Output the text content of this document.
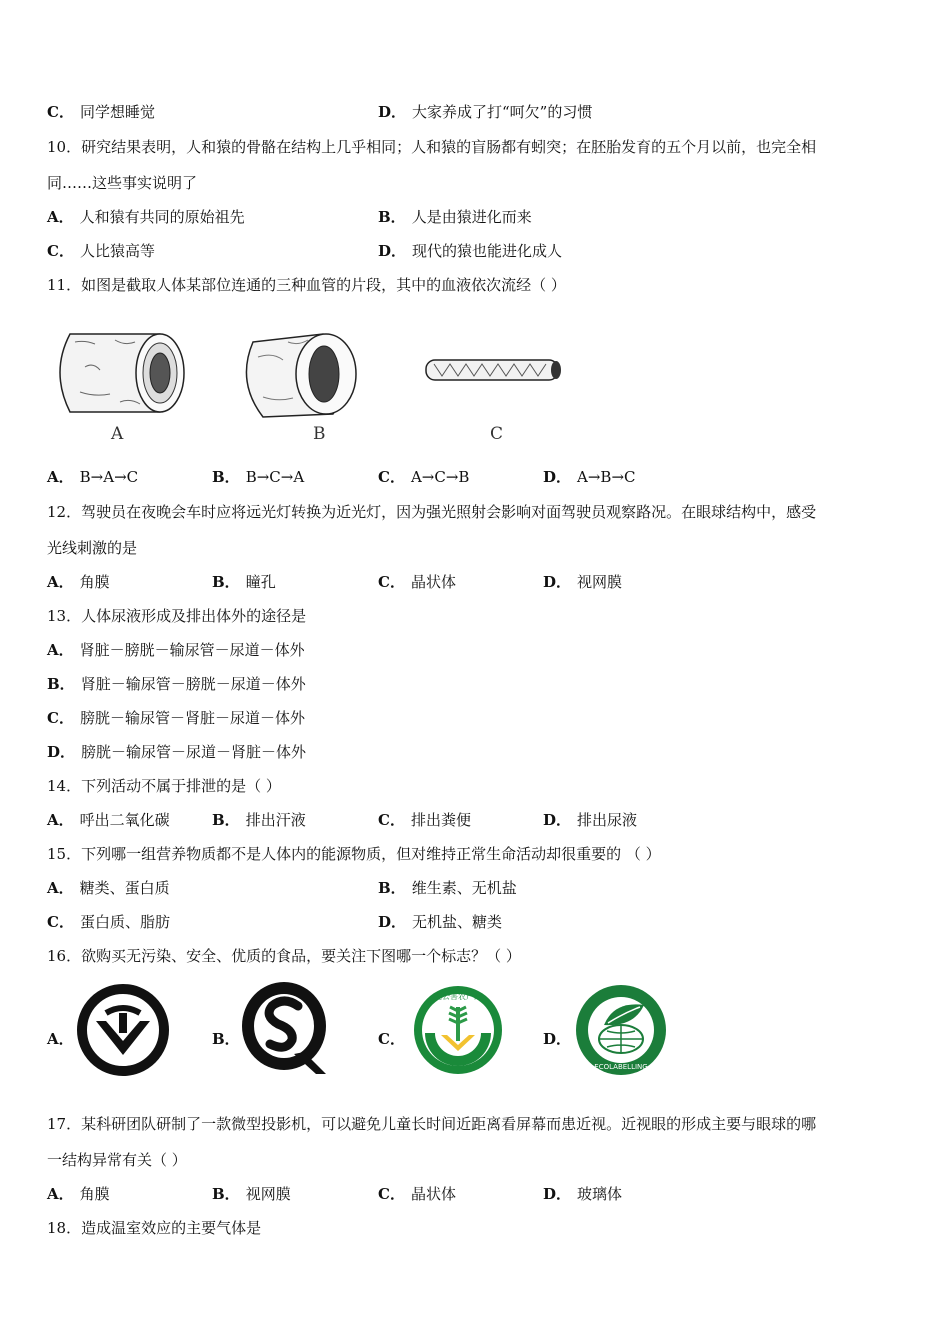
C． 同学想睡觉	D． 大家养成了打“呵欠”的习惯
10．研究结果表明，人和猿的骨骼在结构上几乎相同；人和猿的盲肠都有蚓突；在胚胎发育的五个月以前，也完全相
同……这些事实说明了
A． 人和猿有共同的原始祖先	B． 人是由猿进化而来
C． 人比猿高等	D． 现代的猿也能进化成人
11．如图是截取人体某部位连通的三种血管的片段，其中的血液依次流经（ ）
A	B	C
A． B→A→C	B． B→C→A	C． A→C→B	D． A→B→C
12．驾驶员在夜晚会车时应将远光灯转换为近光灯，因为强光照射会影响对面驾驶员观察路况。在眼球结构中，感受
光线刺激的是
A． 角膜	B． 瞳孔	C． 晶状体	D． 视网膜
13．人体尿液形成及排出体外的途径是
A． 肾脏－膀胱－输尿管－尿道－体外
B． 肾脏－输尿管－膀胱－尿道－体外
C． 膀胱－输尿管－肾脏－尿道－体外
D． 膀胱－输尿管－尿道－肾脏－体外
14．下列活动不属于排泄的是（ ）
A． 呼出二氧化碳	B． 排出汗液	C． 排出粪便	D． 排出尿液
15．下列哪一组营养物质都不是人体内的能源物质，但对维持正常生命活动却很重要的 （ ）
A． 糖类、蛋白质	B． 维生素、无机盐
C． 蛋白质、脂肪	D． 无机盐、糖类
16．欲购买无污染、安全、优质的食品，要关注下图哪一个标志？（ ）
A．	B．	C．
无公害农产品
D．
ECOLABELLING
17．某科研团队研制了一款微型投影机，可以避免儿童长时间近距离看屏幕而患近视。近视眼的形成主要与眼球的哪
一结构异常有关（ ）
A． 角膜	B． 视网膜	C． 晶状体	D． 玻璃体
18．造成温室效应的主要气体是
